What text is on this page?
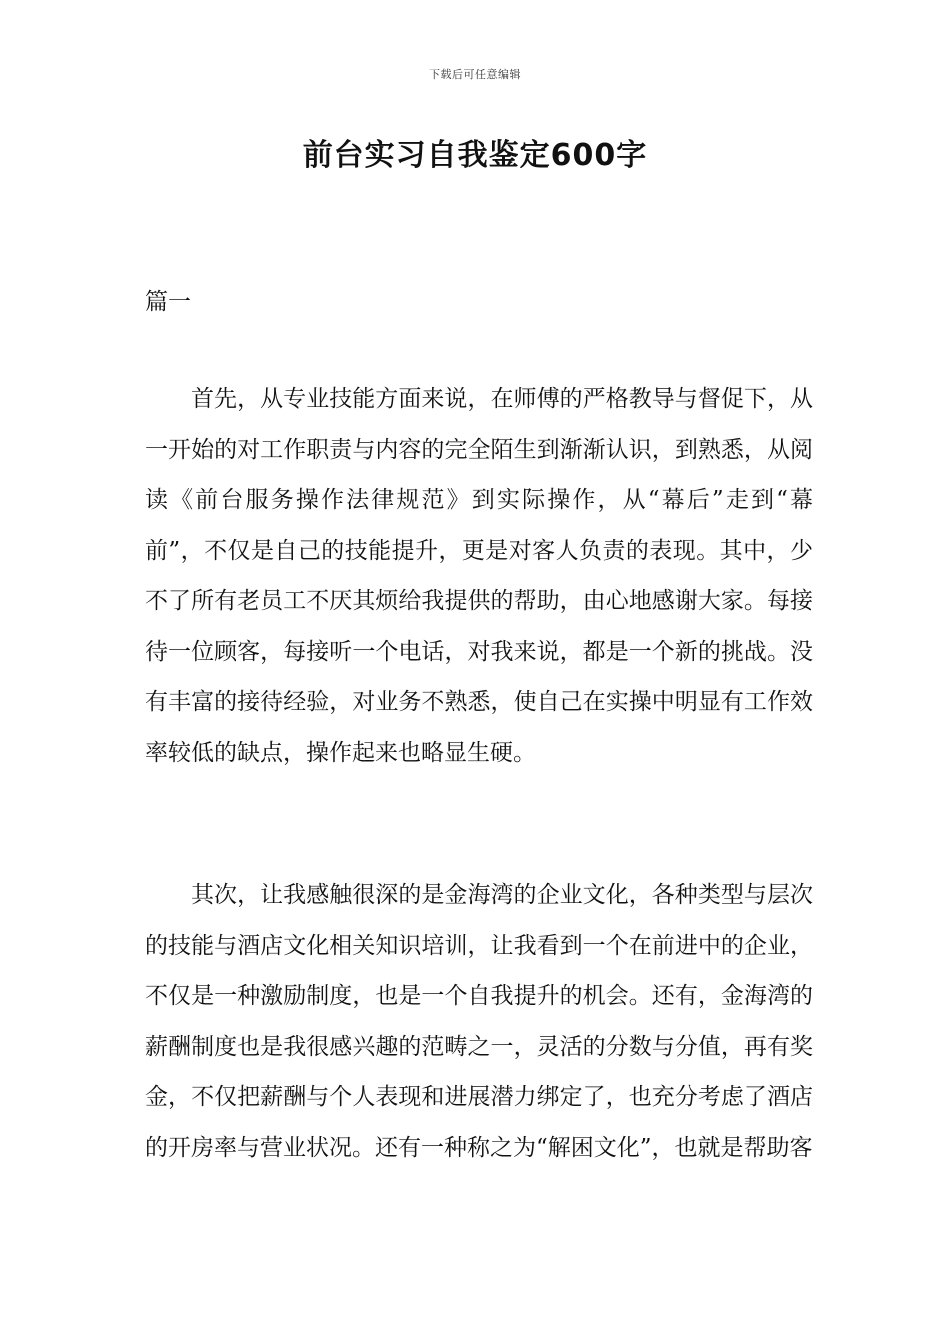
下载后可任意编辑
前台实习自我鉴定600字
篇一
首先，从专业技能方面来说，在师傅的严格教导与督促下，从一开始的对工作职责与内容的完全陌生到渐渐认识，到熟悉，从阅读《前台服务操作法律规范》到实际操作，从“幕后”走到“幕前”，不仅是自己的技能提升，更是对客人负责的表现。其中，少不了所有老员工不厌其烦给我提供的帮助，由心地感谢大家。每接待一位顾客，每接听一个电话，对我来说，都是一个新的挑战。没有丰富的接待经验，对业务不熟悉，使自己在实操中明显有工作效率较低的缺点，操作起来也略显生硬。
其次，让我感触很深的是金海湾的企业文化，各种类型与层次的技能与酒店文化相关知识培训，让我看到一个在前进中的企业，不仅是一种激励制度，也是一个自我提升的机会。还有，金海湾的薪酬制度也是我很感兴趣的范畴之一，灵活的分数与分值，再有奖金，不仅把薪酬与个人表现和进展潜力绑定了，也充分考虑了酒店的开房率与营业状况。还有一种称之为“解困文化”，也就是帮助客
